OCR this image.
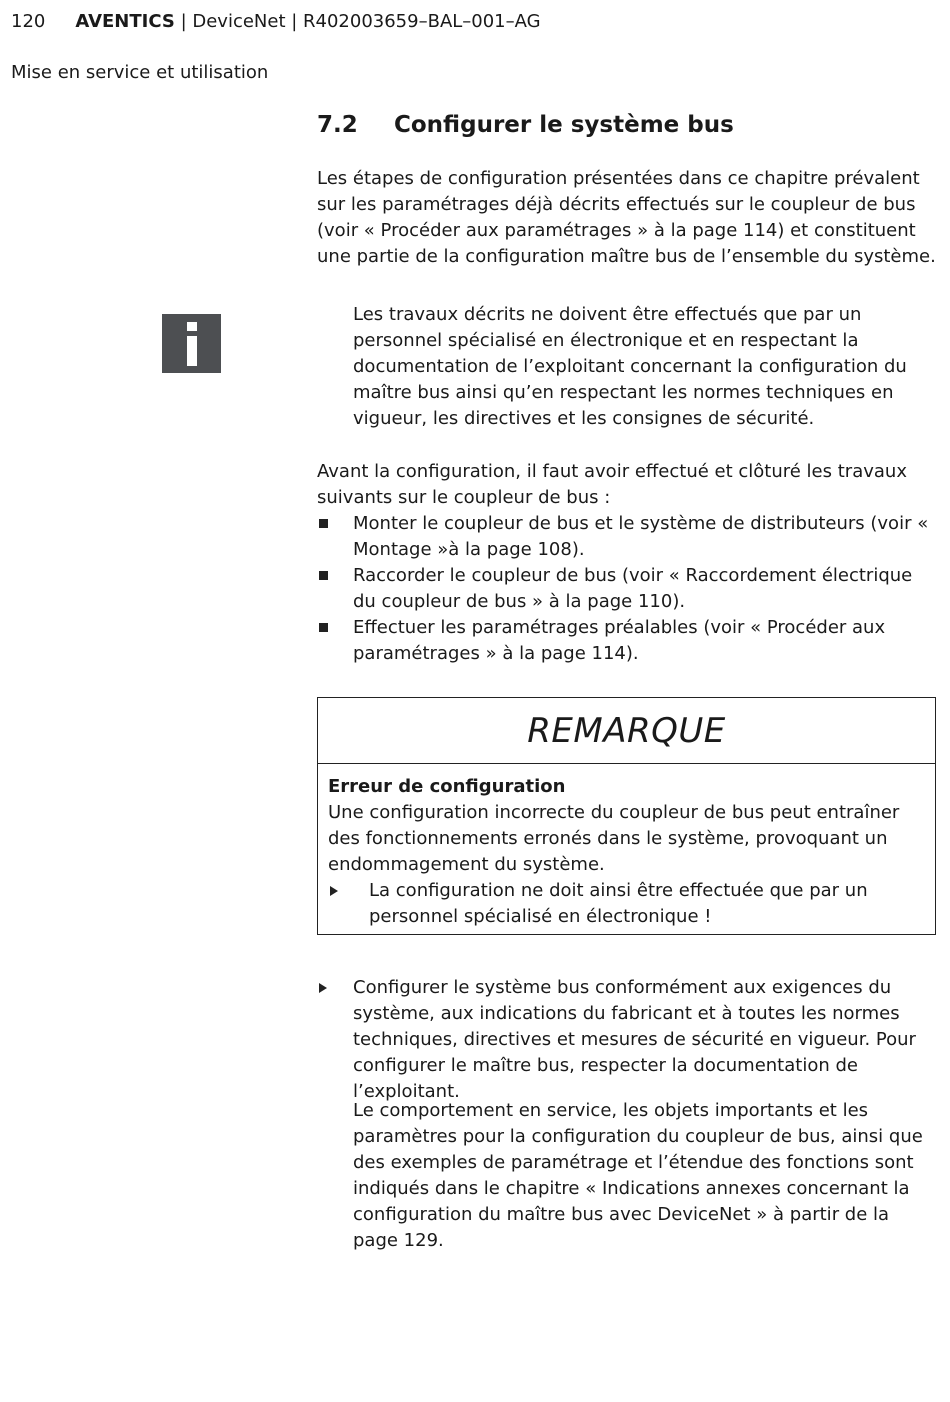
120 AVENTICS | DeviceNet | R402003659–BAL–001–AG
Mise en service et utilisation
7.2 Configurer le système bus

Les étapes de configuration présentées dans ce chapitre prévalent sur les paramétrages déjà décrits effectués sur le coupleur de bus (voir « Procéder aux paramétrages » à la page 114) et constituent une partie de la configuration maître bus de l’ensemble du système.

Les travaux décrits ne doivent être effectués que par un personnel spécialisé en électronique et en respectant la documentation de l’exploitant concernant la configuration du maître bus ainsi qu’en respectant les normes techniques en vigueur, les directives et les consignes de sécurité.

Avant la configuration, il faut avoir effectué et clôturé les travaux suivants sur le coupleur de bus :

Monter le coupleur de bus et le système de distributeurs (voir « Montage »à la page 108).
Raccorder le coupleur de bus (voir « Raccordement électrique du coupleur de bus » à la page 110).
Effectuer les paramétrages préalables (voir « Procéder aux paramétrages » à la page 114).
REMARQUE

Erreur de configuration

Une configuration incorrecte du coupleur de bus peut entraîner des fonctionnements erronés dans le système, provoquant un endommagement du système.

La configuration ne doit ainsi être effectuée que par un personnel spécialisé en électronique !
Configurer le système bus conformément aux exigences du système, aux indications du fabricant et à toutes les normes techniques, directives et mesures de sécurité en vigueur. Pour configurer le maître bus, respecter la documentation de l’exploitant.

Le comportement en service, les objets importants et les paramètres pour la configuration du coupleur de bus, ainsi que des exemples de paramétrage et l’étendue des fonctions sont indiqués dans le chapitre « Indications annexes concernant la configuration du maître bus avec DeviceNet » à partir de la page 129.
